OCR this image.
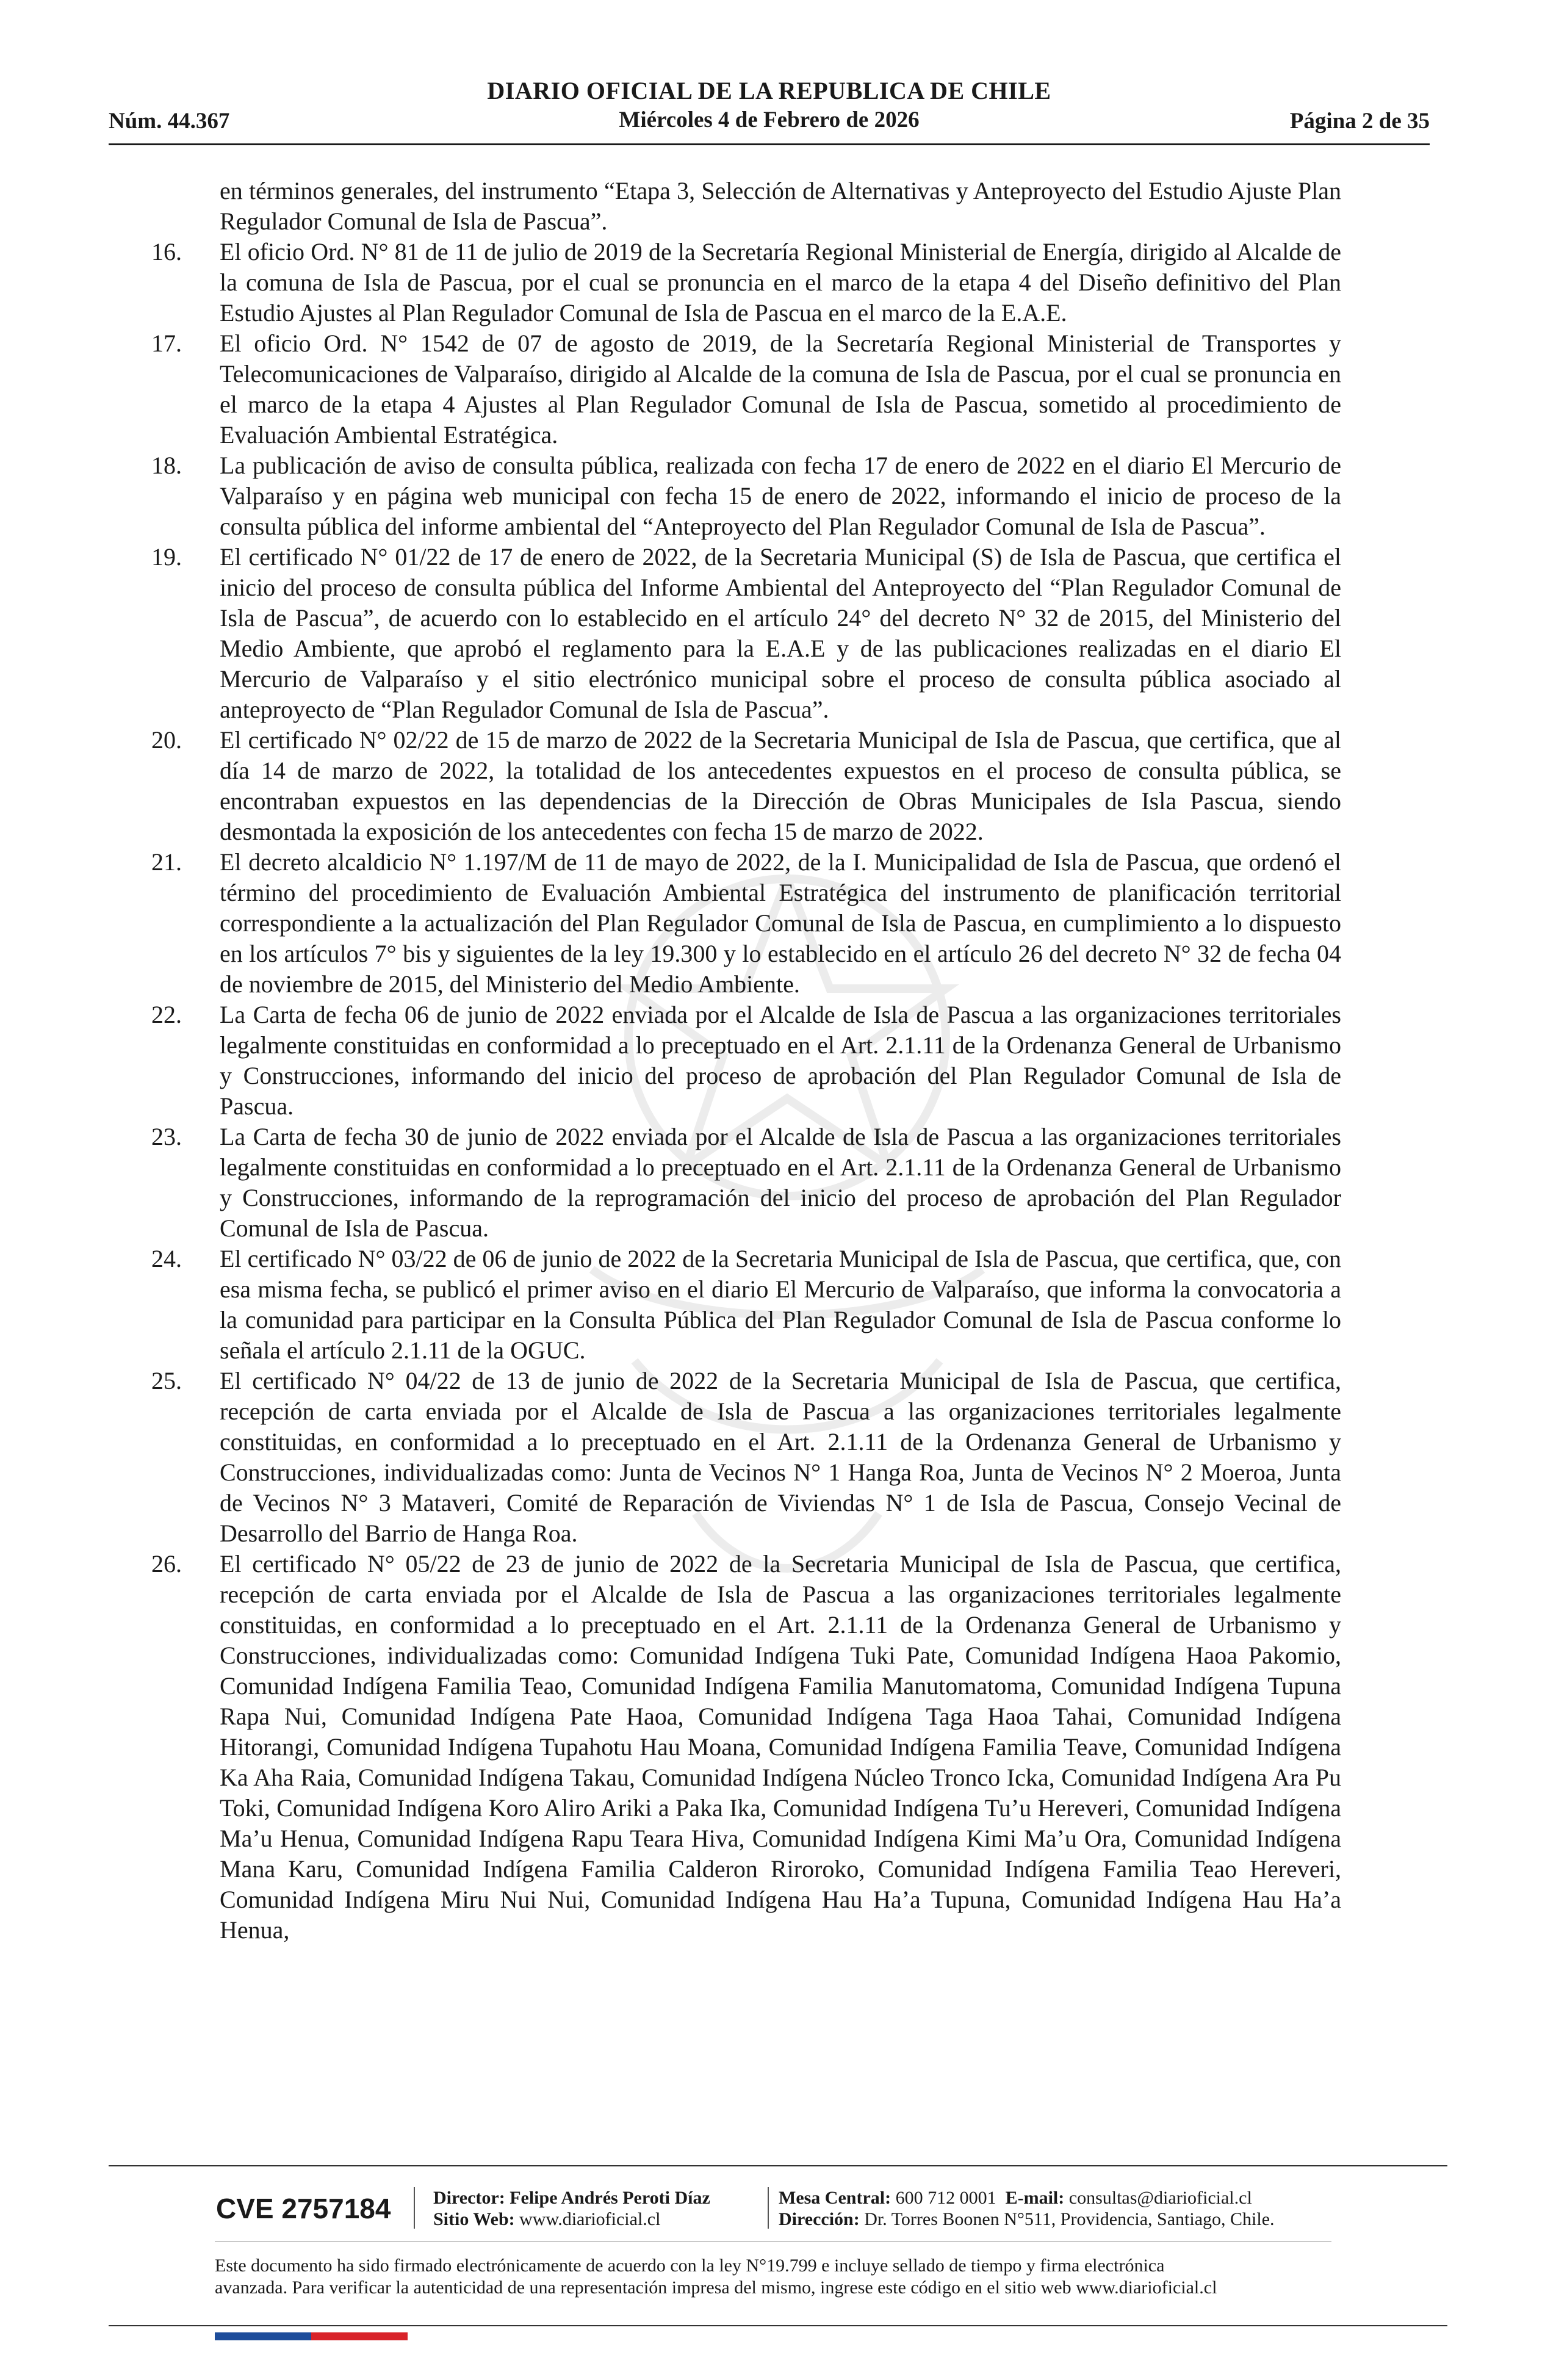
Núm. 44.367
DIARIO OFICIAL DE LA REPUBLICA DE CHILE
Miércoles 4 de Febrero de 2026	Página 2 de 35

en términos generales, del instrumento “Etapa 3, Selección de Alternativas y Anteproyecto del Estudio Ajuste Plan Regulador Comunal de Isla de Pascua”.

16.	El oficio Ord. N° 81 de 11 de julio de 2019 de la Secretaría Regional Ministerial de Energía, dirigido al Alcalde de la comuna de Isla de Pascua, por el cual se pronuncia en el marco de la etapa 4 del Diseño definitivo del Plan Estudio Ajustes al Plan Regulador Comunal de Isla de Pascua en el marco de la E.A.E.

17.	El oficio Ord. N° 1542 de 07 de agosto de 2019, de la Secretaría Regional Ministerial de Transportes y Telecomunicaciones de Valparaíso, dirigido al Alcalde de la comuna de Isla de Pascua, por el cual se pronuncia en el marco de la etapa 4 Ajustes al Plan Regulador Comunal de Isla de Pascua, sometido al procedimiento de Evaluación Ambiental Estratégica.

18.	La publicación de aviso de consulta pública, realizada con fecha 17 de enero de 2022 en el diario El Mercurio de Valparaíso y en página web municipal con fecha 15 de enero de 2022, informando el inicio de proceso de la consulta pública del informe ambiental del “Anteproyecto del Plan Regulador Comunal de Isla de Pascua”.

19.	El certificado N° 01/22 de 17 de enero de 2022, de la Secretaria Municipal (S) de Isla de Pascua, que certifica el inicio del proceso de consulta pública del Informe Ambiental del Anteproyecto del “Plan Regulador Comunal de Isla de Pascua”, de acuerdo con lo establecido en el artículo 24° del decreto N° 32 de 2015, del Ministerio del Medio Ambiente, que aprobó el reglamento para la E.A.E y de las publicaciones realizadas en el diario El Mercurio de Valparaíso y el sitio electrónico municipal sobre el proceso de consulta pública asociado al anteproyecto de “Plan Regulador Comunal de Isla de Pascua”.

20.	El certificado N° 02/22 de 15 de marzo de 2022 de la Secretaria Municipal de Isla de Pascua, que certifica, que al día 14 de marzo de 2022, la totalidad de los antecedentes expuestos en el proceso de consulta pública, se encontraban expuestos en las dependencias de la Dirección de Obras Municipales de Isla Pascua, siendo desmontada la exposición de los antecedentes con fecha 15 de marzo de 2022.

21.	El decreto alcaldicio N° 1.197/M de 11 de mayo de 2022, de la I. Municipalidad de Isla de Pascua, que ordenó el término del procedimiento de Evaluación Ambiental Estratégica del instrumento de planificación territorial correspondiente a la actualización del Plan Regulador Comunal de Isla de Pascua, en cumplimiento a lo dispuesto en los artículos 7° bis y siguientes de la ley 19.300 y lo establecido en el artículo 26 del decreto N° 32 de fecha 04 de noviembre de 2015, del Ministerio del Medio Ambiente.

22.	La Carta de fecha 06 de junio de 2022 enviada por el Alcalde de Isla de Pascua a las organizaciones territoriales legalmente constituidas en conformidad a lo preceptuado en el Art. 2.1.11 de la Ordenanza General de Urbanismo y Construcciones, informando del inicio del proceso de aprobación del Plan Regulador Comunal de Isla de Pascua.

23.	La Carta de fecha 30 de junio de 2022 enviada por el Alcalde de Isla de Pascua a las organizaciones territoriales legalmente constituidas en conformidad a lo preceptuado en el Art. 2.1.11 de la Ordenanza General de Urbanismo y Construcciones, informando de la reprogramación del inicio del proceso de aprobación del Plan Regulador Comunal de Isla de Pascua.

24.	El certificado N° 03/22 de 06 de junio de 2022 de la Secretaria Municipal de Isla de Pascua, que certifica, que, con esa misma fecha, se publicó el primer aviso en el diario El Mercurio de Valparaíso, que informa la convocatoria a la comunidad para participar en la Consulta Pública del Plan Regulador Comunal de Isla de Pascua conforme lo señala el artículo 2.1.11 de la OGUC.

25.	El certificado N° 04/22 de 13 de junio de 2022 de la Secretaria Municipal de Isla de Pascua, que certifica, recepción de carta enviada por el Alcalde de Isla de Pascua a las organizaciones territoriales legalmente constituidas, en conformidad a lo preceptuado en el Art. 2.1.11 de la Ordenanza General de Urbanismo y Construcciones, individualizadas como: Junta de Vecinos N° 1 Hanga Roa, Junta de Vecinos N° 2 Moeroa, Junta de Vecinos N° 3 Mataveri, Comité de Reparación de Viviendas N° 1 de Isla de Pascua, Consejo Vecinal de Desarrollo del Barrio de Hanga Roa.

26.	El certificado N° 05/22 de 23 de junio de 2022 de la Secretaria Municipal de Isla de Pascua, que certifica, recepción de carta enviada por el Alcalde de Isla de Pascua a las organizaciones territoriales legalmente constituidas, en conformidad a lo preceptuado en el Art. 2.1.11 de la Ordenanza General de Urbanismo y Construcciones, individualizadas como: Comunidad Indígena Tuki Pate, Comunidad Indígena Haoa Pakomio, Comunidad Indígena Familia Teao, Comunidad Indígena Familia Manutomatoma, Comunidad Indígena Tupuna Rapa Nui, Comunidad Indígena Pate Haoa, Comunidad Indígena Taga Haoa Tahai, Comunidad Indígena Hitorangi, Comunidad Indígena Tupahotu Hau Moana, Comunidad Indígena Familia Teave, Comunidad Indígena Ka Aha Raia, Comunidad Indígena Takau, Comunidad Indígena Núcleo Tronco Icka, Comunidad Indígena Ara Pu Toki, Comunidad Indígena Koro Aliro Ariki a Paka Ika, Comunidad Indígena Tu’u Hereveri, Comunidad Indígena Ma’u Henua, Comunidad Indígena Rapu Teara Hiva, Comunidad Indígena Kimi Ma’u Ora, Comunidad Indígena Mana Karu, Comunidad Indígena Familia Calderon Riroroko, Comunidad Indígena Familia Teao Hereveri, Comunidad Indígena Miru Nui Nui, Comunidad Indígena Hau Ha’a Tupuna, Comunidad Indígena Hau Ha’a Henua,

CVE 2757184 Director: Felipe Andrés Peroti Díaz
Sitio Web: www.diarioficial.cl
Mesa Central: 600 712 0001 E-mail: consultas@diarioficial.cl
Dirección: Dr. Torres Boonen N°511, Providencia, Santiago, Chile.
Este documento ha sido firmado electrónicamente de acuerdo con la ley N°19.799 e incluye sellado de tiempo y firma electrónica
avanzada. Para verificar la autenticidad de una representación impresa del mismo, ingrese este código en el sitio web www.diarioficial.cl
